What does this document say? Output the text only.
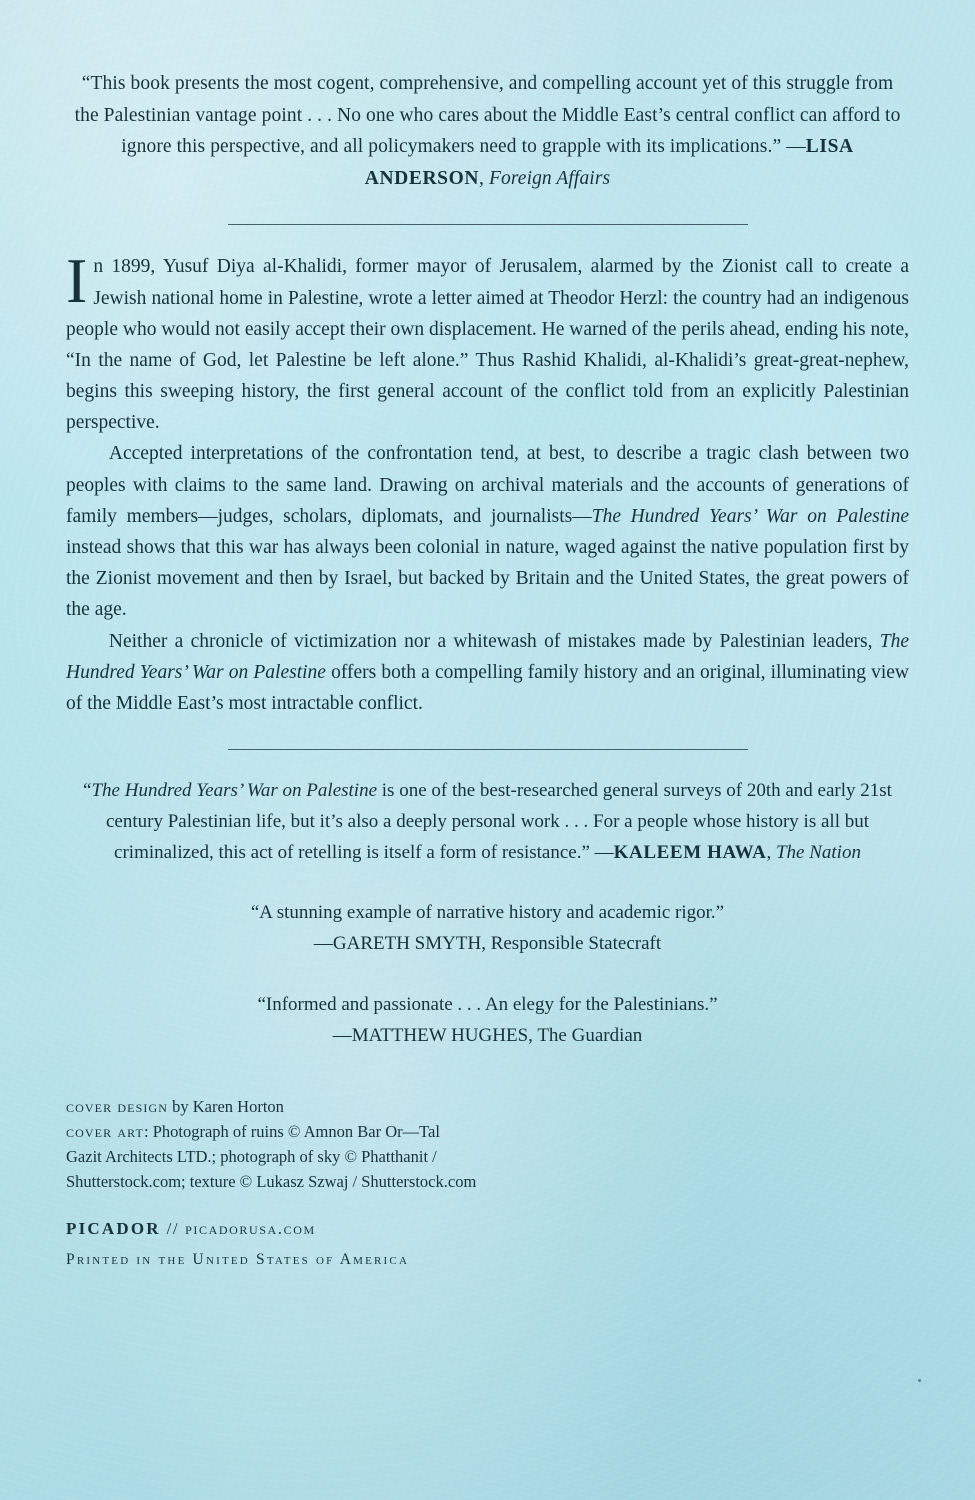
“This book presents the most cogent, comprehensive, and compelling account yet of this struggle from the Palestinian vantage point . . . No one who cares about the Middle East’s central conflict can afford to ignore this perspective, and all policymakers need to grapple with its implications.” —LISA ANDERSON, Foreign Affairs

In 1899, Yusuf Diya al-Khalidi, former mayor of Jerusalem, alarmed by the Zionist call to create a Jewish national home in Palestine, wrote a letter aimed at Theodor Herzl: the country had an indigenous people who would not easily accept their own displacement. He warned of the perils ahead, ending his note, “In the name of God, let Palestine be left alone.” Thus Rashid Khalidi, al-Khalidi’s great-great-nephew, begins this sweeping history, the first general account of the conflict told from an explicitly Palestinian perspective.

Accepted interpretations of the confrontation tend, at best, to describe a tragic clash between two peoples with claims to the same land. Drawing on archival materials and the accounts of generations of family members—judges, scholars, diplomats, and journalists—The Hundred Years’ War on Palestine instead shows that this war has always been colonial in nature, waged against the native population first by the Zionist movement and then by Israel, but backed by Britain and the United States, the great powers of the age.

Neither a chronicle of victimization nor a whitewash of mistakes made by Palestinian leaders, The Hundred Years’ War on Palestine offers both a compelling family history and an original, illuminating view of the Middle East’s most intractable conflict.

“The Hundred Years’ War on Palestine is one of the best-researched general surveys of 20th and early 21st century Palestinian life, but it’s also a deeply personal work . . . For a people whose history is all but criminalized, this act of retelling is itself a form of resistance.” —KALEEM HAWA, The Nation
“A stunning example of narrative history and academic rigor.”
—GARETH SMYTH, Responsible Statecraft
“Informed and passionate . . . An elegy for the Palestinians.”
—MATTHEW HUGHES, The Guardian
cover design by Karen Horton
cover art: Photograph of ruins © Amnon Bar Or—Tal
Gazit Architects LTD.; photograph of sky © Phatthanit /
Shutterstock.com; texture © Lukasz Szwaj / Shutterstock.com
PICADOR // picadorusa.com
Printed in the United States of America
